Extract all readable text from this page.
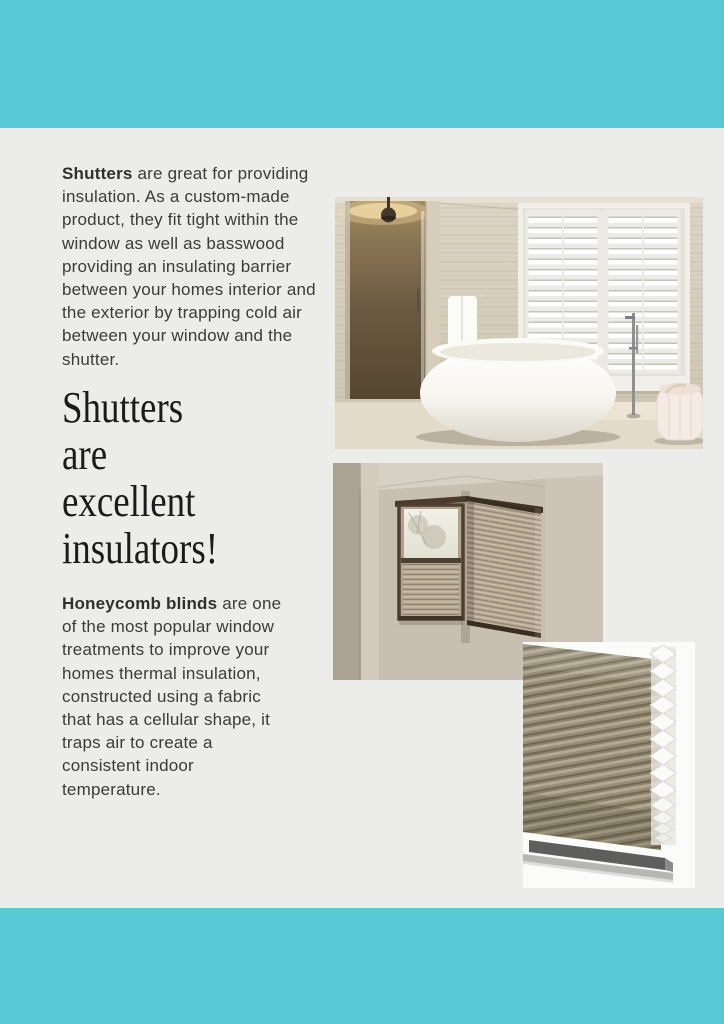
Shutters are great for providing
insulation. As a custom-made
product, they fit tight within the
window as well as basswood
providing an insulating barrier
between your homes interior and
the exterior by trapping cold air
between your window and the
shutter.

Shutters
are
excellent
insulators!

Honeycomb blinds are one
of the most popular window
treatments to improve your
homes thermal insulation,
constructed using a fabric
that has a cellular shape, it
traps air to create a
consistent indoor
temperature.
